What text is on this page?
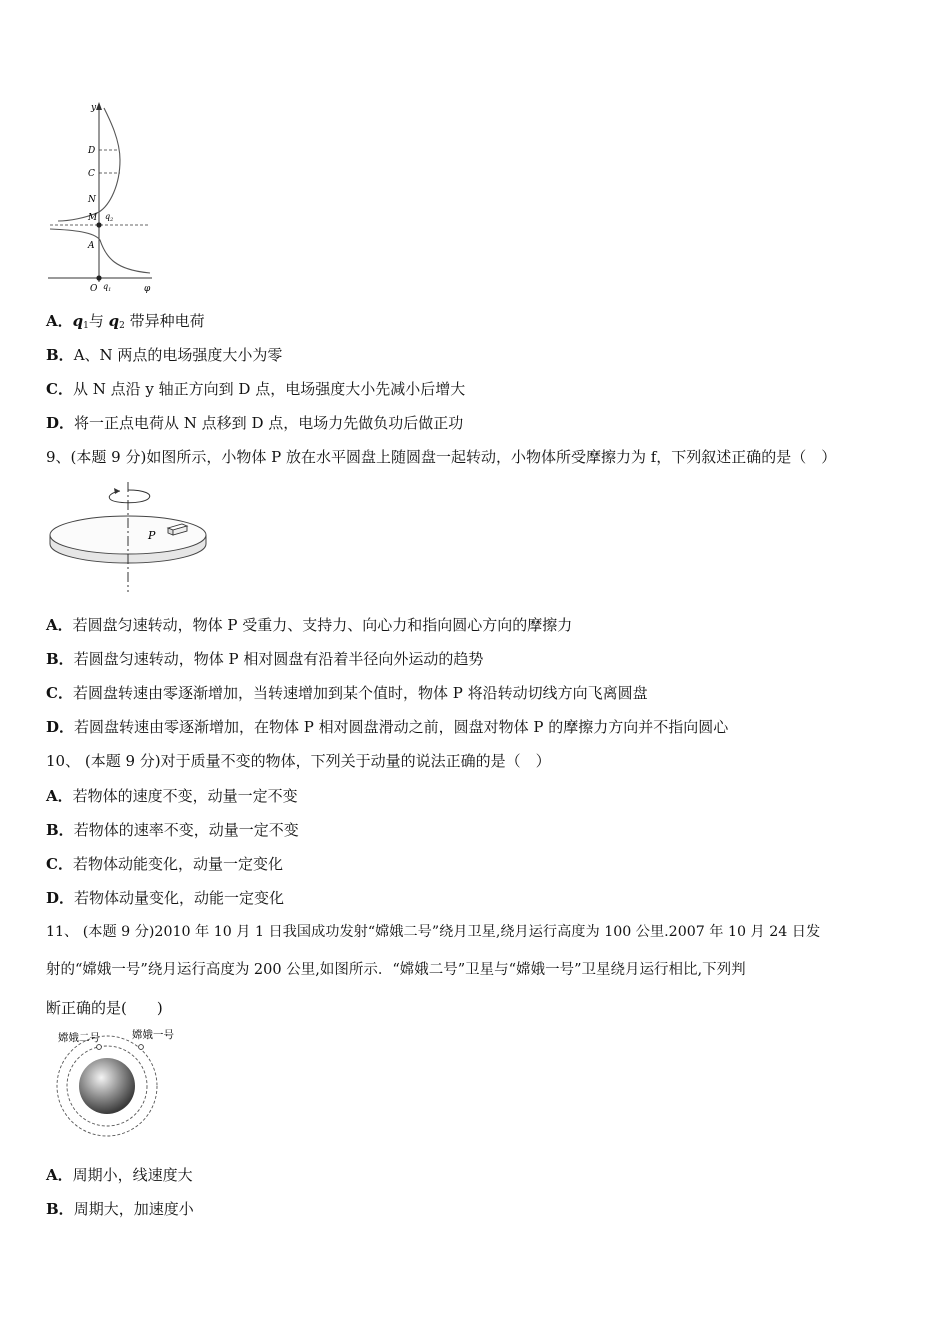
y
D
C
N
M
A
$q_2$
O $q_1$	φ
A．$q_1$与 $q_2$ 带异种电荷
B．A、N 两点的电场强度大小为零
C．从 N 点沿 y 轴正方向到 D 点，电场强度大小先减小后增大
D．将一正点电荷从 N 点移到 D 点，电场力先做负功后做正功
9、(本题 9 分)如图所示，小物体 P 放在水平圆盘上随圆盘一起转动，小物体所受摩擦力为 f，下列叙述正确的是（　）
P
A．若圆盘匀速转动，物体 P 受重力、支持力、向心力和指向圆心方向的摩擦力
B．若圆盘匀速转动，物体 P 相对圆盘有沿着半径向外运动的趋势
C．若圆盘转速由零逐渐增加，当转速增加到某个值时，物体 P 将沿转动切线方向飞离圆盘
D．若圆盘转速由零逐渐增加，在物体 P 相对圆盘滑动之前，圆盘对物体 P 的摩擦力方向并不指向圆心
10、 (本题 9 分)对于质量不变的物体，下列关于动量的说法正确的是（　）
A．若物体的速度不变，动量一定不变
B．若物体的速率不变，动量一定不变
C．若物体动能变化，动量一定变化
D．若物体动量变化，动能一定变化
11、 (本题 9 分)2010 年 10 月 1 日我国成功发射“嫦娥二号”绕月卫星,绕月运行高度为 100 公里.2007 年 10 月 24 日发
射的“嫦娥一号”绕月运行高度为 200 公里,如图所示．“嫦娥二号”卫星与“嫦娥一号”卫星绕月运行相比,下列判
断正确的是(　　)
嫦娥二号	嫦娥一号
A．周期小，线速度大
B．周期大，加速度小
